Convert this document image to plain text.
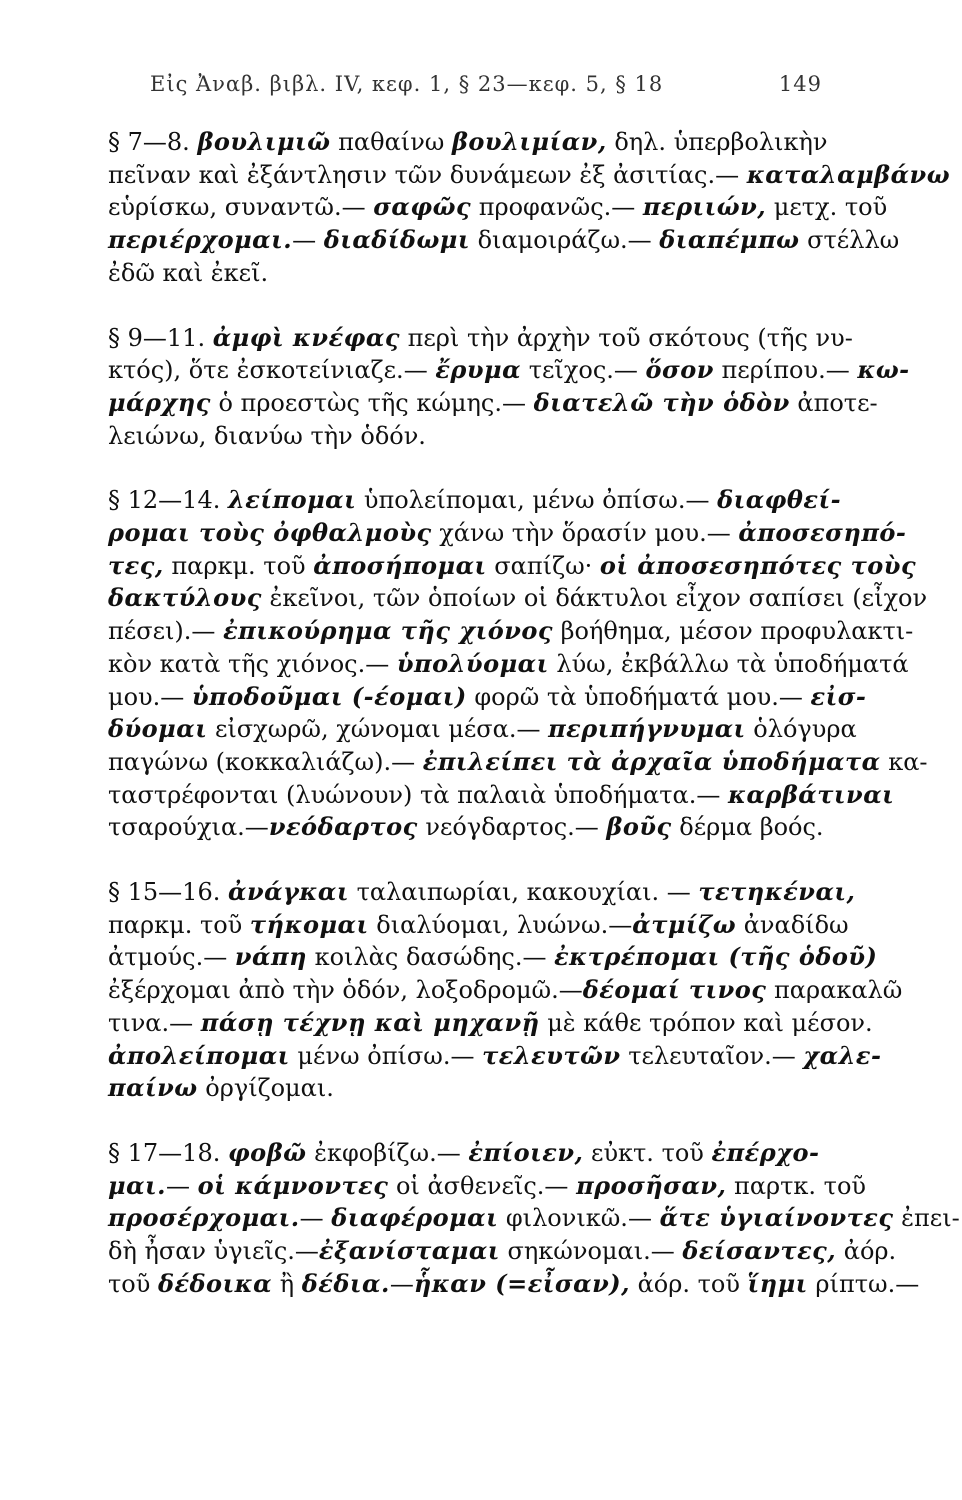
Εἰς Ἀναβ. βιβλ. IV, κεφ. 1, § 23—κεφ. 5, § 18	149
§ 7—8. βουλιμιῶ παθαίνω βουλιμίαν, δηλ. ὑπερβολικὴν
πεῖναν καὶ ἐξάντλησιν τῶν δυνάμεων ἐξ ἀσιτίας.— καταλαμβάνω
εὑρίσκω, συναντῶ.— σαφῶς προφανῶς.— περιιών, μετχ. τοῦ
περιέρχομαι.— διαδίδωμι διαμοιράζω.— διαπέμπω στέλλω
ἐδῶ καὶ ἐκεῖ.
§ 9—11. ἀμφὶ κνέφας περὶ τὴν ἀρχὴν τοῦ σκότους (τῆς νυ-
κτός), ὅτε ἐσκοτείνιαζε.— ἔρυμα τεῖχος.— ὅσον περίπου.— κω-
μάρχης ὁ προεστὼς τῆς κώμης.— διατελῶ τὴν ὁδὸν ἀποτε-
λειώνω, διανύω τὴν ὁδόν.
§ 12—14. λείπομαι ὑπολείπομαι, μένω ὀπίσω.— διαφθεί-
ρομαι τοὺς ὀφθαλμοὺς χάνω τὴν ὅρασίν μου.— ἀποσεσηπό-
τες, παρκμ. τοῦ ἀποσήπομαι σαπίζω· οἱ ἀποσεσηπότες τοὺς
δακτύλους ἐκεῖνοι, τῶν ὁποίων οἱ δάκτυλοι εἶχον σαπίσει (εἶχον
πέσει).— ἐπικούρημα τῆς χιόνος βοήθημα, μέσον προφυλακτι-
κὸν κατὰ τῆς χιόνος.— ὑπολύομαι λύω, ἐκβάλλω τὰ ὑποδήματά
μου.— ὑποδοῦμαι (-έομαι) φορῶ τὰ ὑποδήματά μου.— εἰσ-
δύομαι εἰσχωρῶ, χώνομαι μέσα.— περιπήγνυμαι ὁλόγυρα
παγώνω (κοκκαλιάζω).— ἐπιλείπει τὰ ἀρχαῖα ὑποδήματα κα-
ταστρέφονται (λυώνουν) τὰ παλαιὰ ὑποδήματα.— καρβάτιναι
τσαρούχια.—νεόδαρτος νεόγδαρτος.— βοῦς δέρμα βοός.
§ 15—16. ἀνάγκαι ταλαιπωρίαι, κακουχίαι. — τετηκέναι,
παρκμ. τοῦ τήκομαι διαλύομαι, λυώνω.—ἀτμίζω ἀναδίδω
ἀτμούς.— νάπη κοιλὰς δασώδης.— ἐκτρέπομαι (τῆς ὁδοῦ)
ἐξέρχομαι ἀπὸ τὴν ὁδόν, λοξοδρομῶ.—δέομαί τινος παρακαλῶ
τινα.— πάσῃ τέχνῃ καὶ μηχανῇ μὲ κάθε τρόπον καὶ μέσον.
ἀπολείπομαι μένω ὀπίσω.— τελευτῶν τελευταῖον.— χαλε-
παίνω ὀργίζομαι.
§ 17—18. φοβῶ ἐκφοβίζω.— ἐπίοιεν, εὐκτ. τοῦ ἐπέρχο-
μαι.— οἱ κάμνοντες οἱ ἀσθενεῖς.— προσῆσαν, παρτκ. τοῦ
προσέρχομαι.— διαφέρομαι φιλονικῶ.— ἅτε ὑγιαίνοντες ἐπει-
δὴ ἦσαν ὑγιεῖς.—ἐξανίσταμαι σηκώνομαι.— δείσαντες, ἀόρ.
τοῦ δέδοικα ἢ δέδια.—ἧκαν (=εἶσαν), ἀόρ. τοῦ ἵημι ρίπτω.—
